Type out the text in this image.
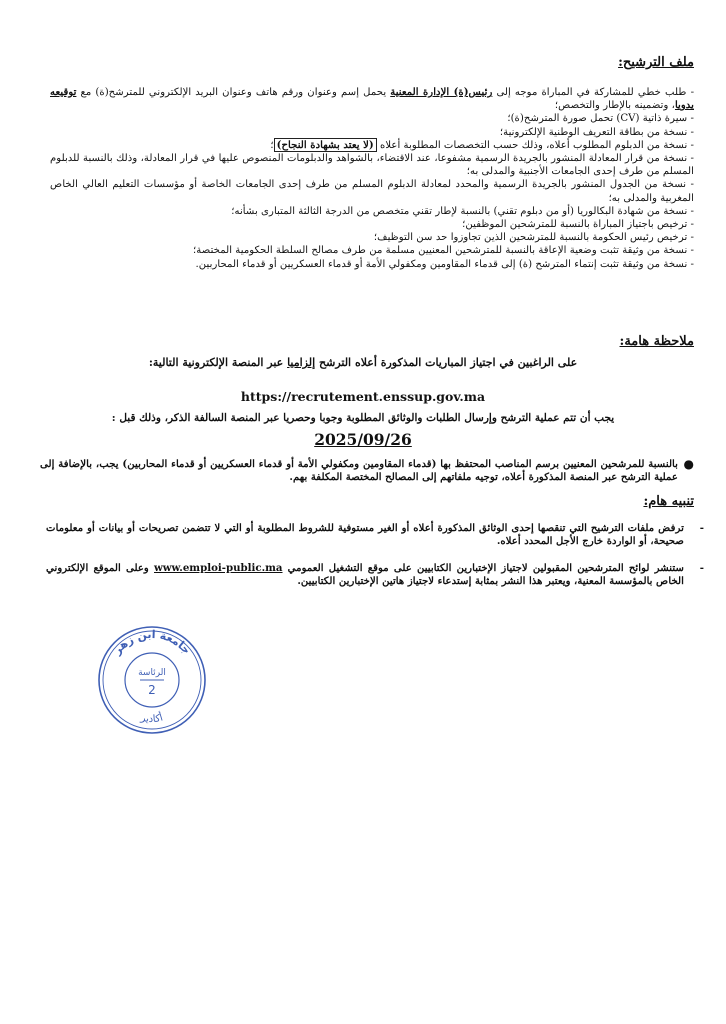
ملف الترشيح:

- طلب خطي للمشاركة في المباراة موجه إلى رئيس(ة) الإدارة المعنية يحمل إسم وعنوان ورقم هاتف وعنوان البريد الإلكتروني للمترشح(ة) مع توقيعه يدويا، وتضمينه بالإطار والتخصص؛

- سيرة ذاتية (CV) تحمل صورة المترشح(ة)؛

- نسخة من بطاقة التعريف الوطنية الإلكترونية؛

- نسخة من الدبلوم المطلوب أعلاه، وذلك حسب التخصصات المطلوبة أعلاه (لا يعتد بشهادة النجاح)؛

- نسخة من قرار المعادلة المنشور بالجريدة الرسمية مشفوعا، عند الاقتضاء، بالشواهد والدبلومات المنصوص عليها في قرار المعادلة، وذلك بالنسبة للدبلوم المسلم من طرف إحدى الجامعات الأجنبية والمدلى به؛

- نسخة من الجدول المنشور بالجريدة الرسمية والمحدد لمعادلة الدبلوم المسلم من طرف إحدى الجامعات الخاصة أو مؤسسات التعليم العالي الخاص المغربية والمدلى به؛

- نسخة من شهادة البكالوريا (أو من دبلوم تقني) بالنسبة لإطار تقني متخصص من الدرجة الثالثة المتبارى بشأنه؛

- ترخيص باجتياز المباراة بالنسبة للمترشحين الموظفين؛

- ترخيص رئيس الحكومة بالنسبة للمترشحين الذين تجاوزوا حد سن التوظيف؛

- نسخة من وثيقة تثبت وضعية الإعاقة بالنسبة للمترشحين المعنيين مسلمة من طرف مصالح السلطة الحكومية المختصة؛

- نسخة من وثيقة تثبت إنتماء المترشح (ة) إلى قدماء المقاومين ومكفولي الأمة أو قدماء العسكريين أو قدماء المحاربين.

ملاحظة هامة:
على الراغبين في اجتياز المباريات المذكورة أعلاه الترشح إلزاميا عبر المنصة الإلكترونية التالية:
https://recrutement.enssup.gov.ma
يجب أن تتم عملية الترشح وإرسال الطلبات والوثائق المطلوبة وجوبا وحصريا عبر المنصة السالفة الذكر، وذلك قبل :
2025/09/26
●
بالنسبة للمرشحين المعنيين برسم المناصب المحتفظ بها (قدماء المقاومين ومكفولي الأمة أو قدماء العسكريين أو قدماء المحاربين) يجب، بالإضافة إلى عملية الترشح عبر المنصة المذكورة أعلاه، توجيه ملفاتهم إلى المصالح المختصة المكلفة بهم.
تنبيه هام:
-
ترفض ملفات الترشيح التي تنقصها إحدى الوثائق المذكورة أعلاه أو الغير مستوفية للشروط المطلوبة أو التي لا تتضمن تصريحات أو بيانات أو معلومات صحيحة، أو الواردة خارج الأجل المحدد أعلاه.
-
ستنشر لوائح المترشحين المقبولين لاجتياز الإختبارين الكتابيين على موقع التشغيل العمومي www.emploi-public.ma وعلى الموقع الإلكتروني الخاص بالمؤسسة المعنية، ويعتبر هذا النشر بمثابة إستدعاء لاجتياز هاتين الإختبارين الكتابيين.
جامعة ابن زهر
أكادير
الرئاسة
2
